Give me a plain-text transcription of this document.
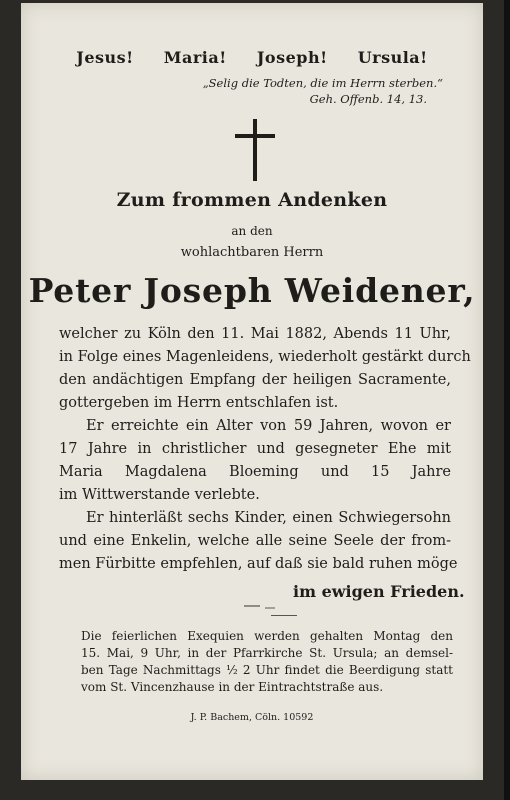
Jesus! Maria! Joseph! Ursula!
„Selig die Todten, die im Herrn sterben.“
Geh. Offenb. 14, 13.
Zum frommen Andenken
an den
wohlachtbaren Herrn
Peter Joseph Weidener,
welcher zu Köln den 11. Mai 1882, Abends 11 Uhr,
in Folge eines Magenleidens, wiederholt gestärkt durch
den andächtigen Empfang der heiligen Sacramente,
gottergeben im Herrn entschlafen ist.
Er erreichte ein Alter von 59 Jahren, wovon er
17 Jahre in christlicher und gesegneter Ehe mit
Maria Magdalena Bloeming und 15 Jahre
im Wittwerstande verlebte.
Er hinterläßt sechs Kinder, einen Schwiegersohn
und eine Enkelin, welche alle seine Seele der from-
men Fürbitte empfehlen, auf daß sie bald ruhen möge
im ewigen Frieden.
Die feierlichen Exequien werden gehalten Montag den
15. Mai, 9 Uhr, in der Pfarrkirche St. Ursula; an demsel-
ben Tage Nachmittags ½ 2 Uhr findet die Beerdigung statt
vom St. Vincenzhause in der Eintrachtstraße aus.
J. P. Bachem, Cöln. 10592
